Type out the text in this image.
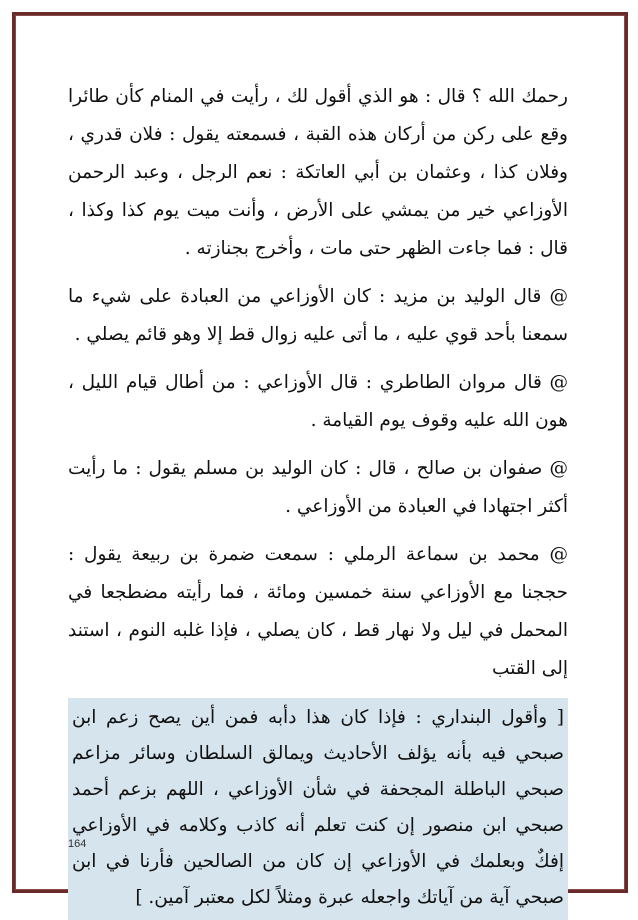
رحمك الله ؟ قال : هو الذي أقول لك ، رأيت في المنام كأن طائرا وقع على ركن من أركان هذه القبة ، فسمعته يقول : فلان قدري ، وفلان كذا ، وعثمان بن أبي العاتكة : نعم الرجل ، وعبد الرحمن الأوزاعي خير من يمشي على الأرض ، وأنت ميت يوم كذا وكذا ، قال : فما جاءت الظهر حتى مات ، وأخرج بجنازته .

@ قال الوليد بن مزيد : كان الأوزاعي من العبادة على شيء ما سمعنا بأحد قوي عليه ، ما أتى عليه زوال قط إلا وهو قائم يصلي .

@ قال مروان الطاطري : قال الأوزاعي : من أطال قيام الليل ، هون الله عليه وقوف يوم القيامة .

@ صفوان بن صالح ، قال : كان الوليد بن مسلم يقول : ما رأيت أكثر اجتهادا في العبادة من الأوزاعي .

@ محمد بن سماعة الرملي : سمعت ضمرة بن ربيعة يقول : حججنا مع الأوزاعي سنة خمسين ومائة ، فما رأيته مضطجعا في المحمل في ليل ولا نهار قط ، كان يصلي ، فإذا غلبه النوم ، استند إلى القتب

[ وأقول البنداري : فإذا كان هذا دأبه فمن أين يصح زعم ابن صبحي فيه بأنه يؤلف الأحاديث ويمالق السلطان وسائر مزاعم صبحي الباطلة المجحفة في شأن الأوزاعي ، اللهم بزعم أحمد صبحي ابن منصور إن كنت تعلم أنه كاذب وكلامه في الأوزاعي إفكٌ وبعلمك في الأوزاعي إن كان من الصالحين فأرنا في ابن صبحي آية من آياتك واجعله عبرة ومثلاً لكل معتبر آمين. ]
164
